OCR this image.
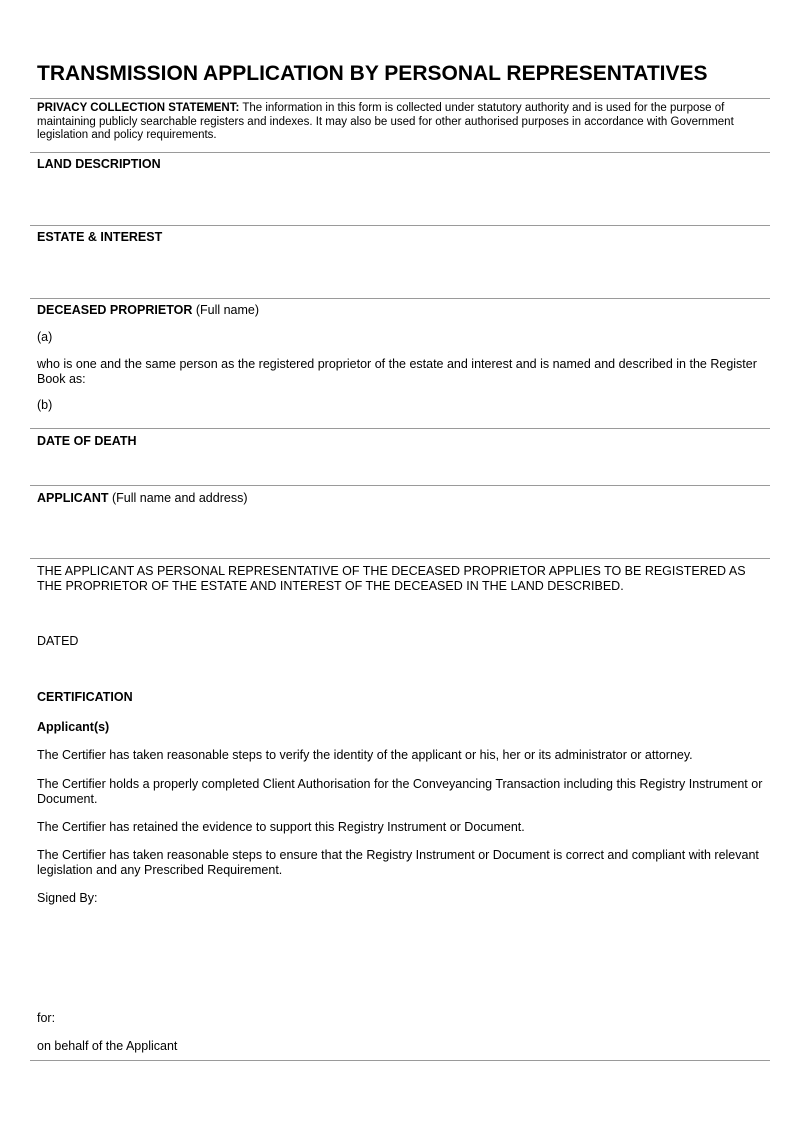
TRANSMISSION APPLICATION BY PERSONAL REPRESENTATIVES

PRIVACY COLLECTION STATEMENT: The information in this form is collected under statutory authority and is used for the purpose of maintaining publicly searchable registers and indexes. It may also be used for other authorised purposes in accordance with Government legislation and policy requirements.

LAND DESCRIPTION

ESTATE & INTEREST

DECEASED PROPRIETOR (Full name)

(a)

who is one and the same person as the registered proprietor of the estate and interest and is named and described in the Register Book as:

(b)

DATE OF DEATH

APPLICANT (Full name and address)

THE APPLICANT AS PERSONAL REPRESENTATIVE OF THE DECEASED PROPRIETOR APPLIES TO BE REGISTERED AS THE PROPRIETOR OF THE ESTATE AND INTEREST OF THE DECEASED IN THE LAND DESCRIBED.

DATED

CERTIFICATION

Applicant(s)

The Certifier has taken reasonable steps to verify the identity of the applicant or his, her or its administrator or attorney.

The Certifier holds a properly completed Client Authorisation for the Conveyancing Transaction including this Registry Instrument or Document.

The Certifier has retained the evidence to support this Registry Instrument or Document.

The Certifier has taken reasonable steps to ensure that the Registry Instrument or Document is correct and compliant with relevant legislation and any Prescribed Requirement.

Signed By:

for:

on behalf of the Applicant
